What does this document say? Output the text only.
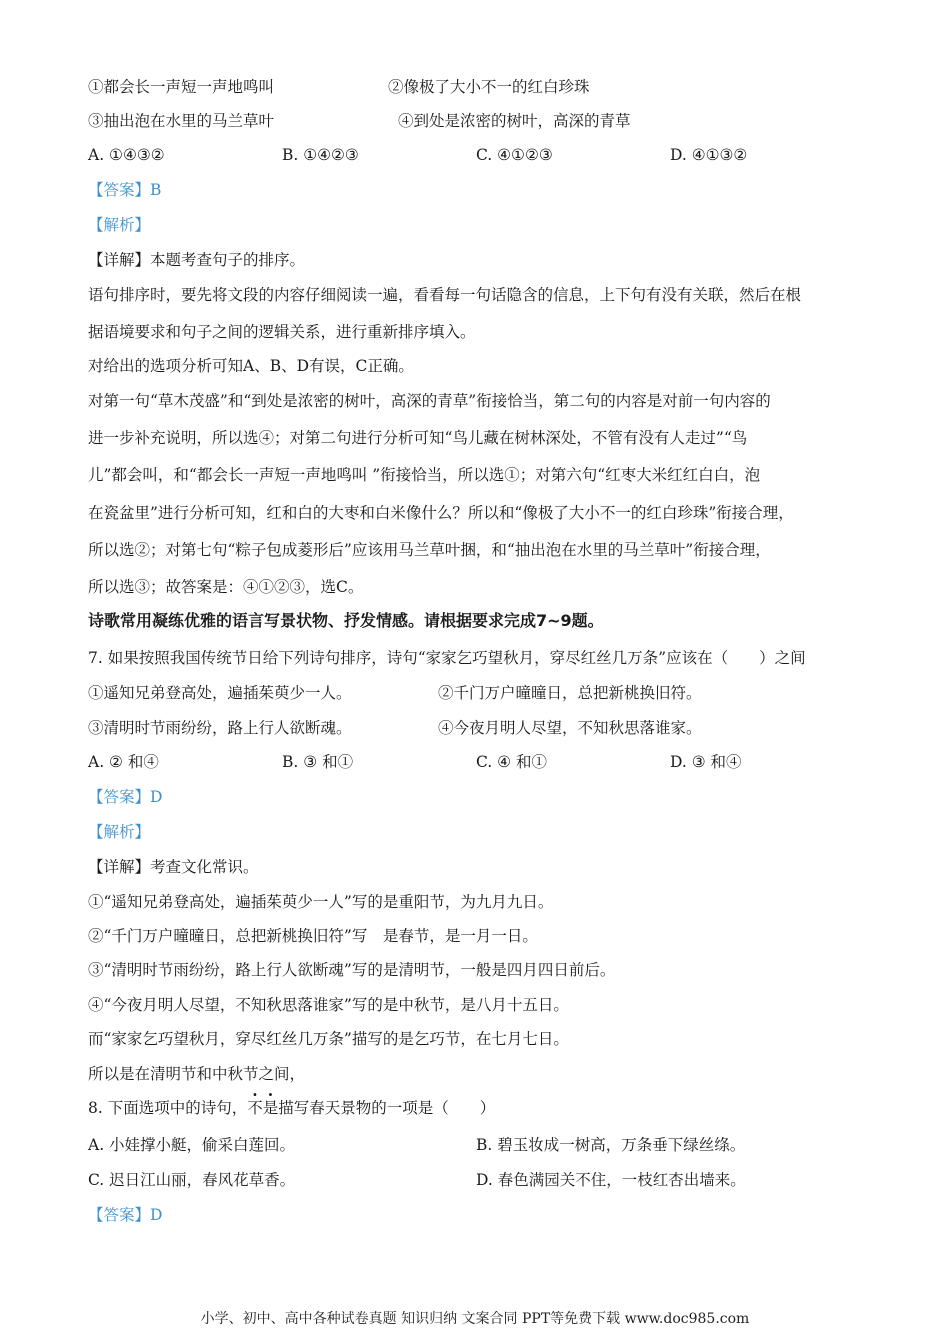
①都会长一声短一声地鸣叫	②像极了大小不一的红白珍珠
③抽出泡在水里的马兰草叶	④到处是浓密的树叶，高深的青草
A. ①④③②	B. ①④②③	C. ④①②③	D. ④①③②
【答案】B
【解析】
【详解】本题考查句子的排序。
语句排序时，要先将文段的内容仔细阅读一遍，看看每一句话隐含的信息，上下句有没有关联，然后在根
据语境要求和句子之间的逻辑关系，进行重新排序填入。
对给出的选项分析可知A、B、D有误，C正确。
对第一句“草木茂盛”和“到处是浓密的树叶，高深的青草”衔接恰当，第二句的内容是对前一句内容的
进一步补充说明，所以选④；对第二句进行分析可知“鸟儿藏在树林深处，不管有没有人走过”“鸟
儿”都会叫，和“都会长一声短一声地鸣叫 ”衔接恰当，所以选①；对第六句“红枣大米红红白白，泡
在瓷盆里”进行分析可知，红和白的大枣和白米像什么？所以和“像极了大小不一的红白珍珠”衔接合理，
所以选②；对第七句“粽子包成菱形后”应该用马兰草叶捆，和“抽出泡在水里的马兰草叶”衔接合理，
所以选③；故答案是：④①②③，选C。
诗歌常用凝练优雅的语言写景状物、抒发情感。请根据要求完成7~9题。
7. 如果按照我国传统节日给下列诗句排序，诗句“家家乞巧望秋月，穿尽红丝几万条”应该在（　　）之间
①遥知兄弟登高处，遍插茱萸少一人。	②千门万户曈曈日，总把新桃换旧符。
③清明时节雨纷纷，路上行人欲断魂。	④今夜月明人尽望，不知秋思落谁家。
A. ② 和④	B. ③ 和①	C. ④ 和①	D. ③ 和④
【答案】D
【解析】
【详解】考查文化常识。
①“遥知兄弟登高处，遍插茱萸少一人”写的是重阳节，为九月九日。
②“千门万户曈曈日，总把新桃换旧符”写　是春节，是一月一日。
③“清明时节雨纷纷，路上行人欲断魂”写的是清明节，一般是四月四日前后。
④“今夜月明人尽望，不知秋思落谁家”写的是中秋节，是八月十五日。
而“家家乞巧望秋月，穿尽红丝几万条”描写的是乞巧节，在七月七日。
所以是在清明节和中秋节之间，
8. 下面选项中的诗句，不是描写春天景物的一项是（　　）
A. 小娃撑小艇，偷采白莲回。	B. 碧玉妆成一树高，万条垂下绿丝绦。
C. 迟日江山丽，春风花草香。	D. 春色满园关不住，一枝红杏出墙来。
【答案】D
小学、初中、高中各种试卷真题 知识归纳 文案合同 PPT等免费下载 www.doc985.com
